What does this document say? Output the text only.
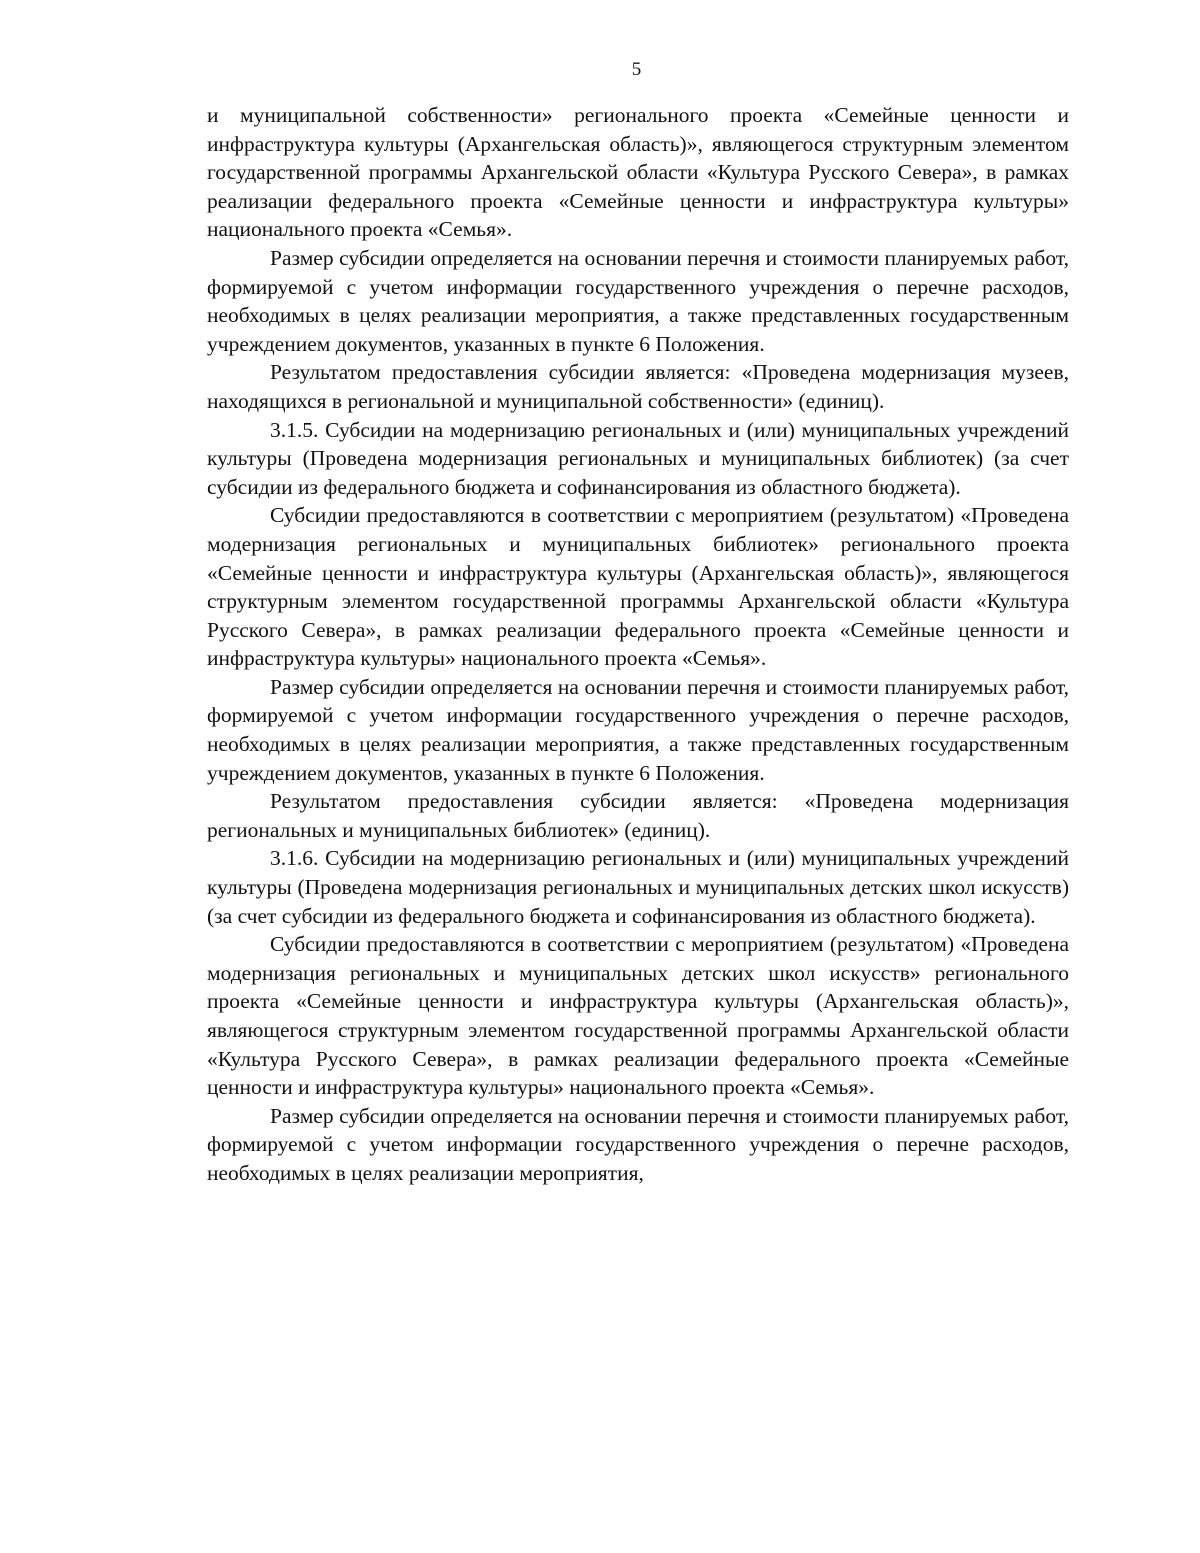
5

и муниципальной собственности» регионального проекта «Семейные ценности и инфраструктура культуры (Архангельская область)», являющегося структурным элементом государственной программы Архангельской области «Культура Русского Севера», в рамках реализации федерального проекта «Семейные ценности и инфраструктура культуры» национального проекта «Семья».

Размер субсидии определяется на основании перечня и стоимости планируемых работ, формируемой с учетом информации государственного учреждения о перечне расходов, необходимых в целях реализации мероприятия, а также представленных государственным учреждением документов, указанных в пункте 6 Положения.

Результатом предоставления субсидии является: «Проведена модернизация музеев, находящихся в региональной и муниципальной собственности» (единиц).

3.1.5. Субсидии на модернизацию региональных и (или) муниципальных учреждений культуры (Проведена модернизация региональных и муниципальных библиотек) (за счет субсидии из федерального бюджета и софинансирования из областного бюджета).

Субсидии предоставляются в соответствии с мероприятием (результатом) «Проведена модернизация региональных и муниципальных библиотек» регионального проекта «Семейные ценности и инфраструктура культуры (Архангельская область)», являющегося структурным элементом государственной программы Архангельской области «Культура Русского Севера», в рамках реализации федерального проекта «Семейные ценности и инфраструктура культуры» национального проекта «Семья».

Размер субсидии определяется на основании перечня и стоимости планируемых работ, формируемой с учетом информации государственного учреждения о перечне расходов, необходимых в целях реализации мероприятия, а также представленных государственным учреждением документов, указанных в пункте 6 Положения.

Результатом предоставления субсидии является: «Проведена модернизация региональных и муниципальных библиотек» (единиц).

3.1.6. Субсидии на модернизацию региональных и (или) муниципальных учреждений культуры (Проведена модернизация региональных и муниципальных детских школ искусств) (за счет субсидии из федерального бюджета и софинансирования из областного бюджета).

Субсидии предоставляются в соответствии с мероприятием (результатом) «Проведена модернизация региональных и муниципальных детских школ искусств» регионального проекта «Семейные ценности и инфраструктура культуры (Архангельская область)», являющегося структурным элементом государственной программы Архангельской области «Культура Русского Севера», в рамках реализации федерального проекта «Семейные ценности и инфраструктура культуры» национального проекта «Семья».

Размер субсидии определяется на основании перечня и стоимости планируемых работ, формируемой с учетом информации государственного учреждения о перечне расходов, необходимых в целях реализации мероприятия,
